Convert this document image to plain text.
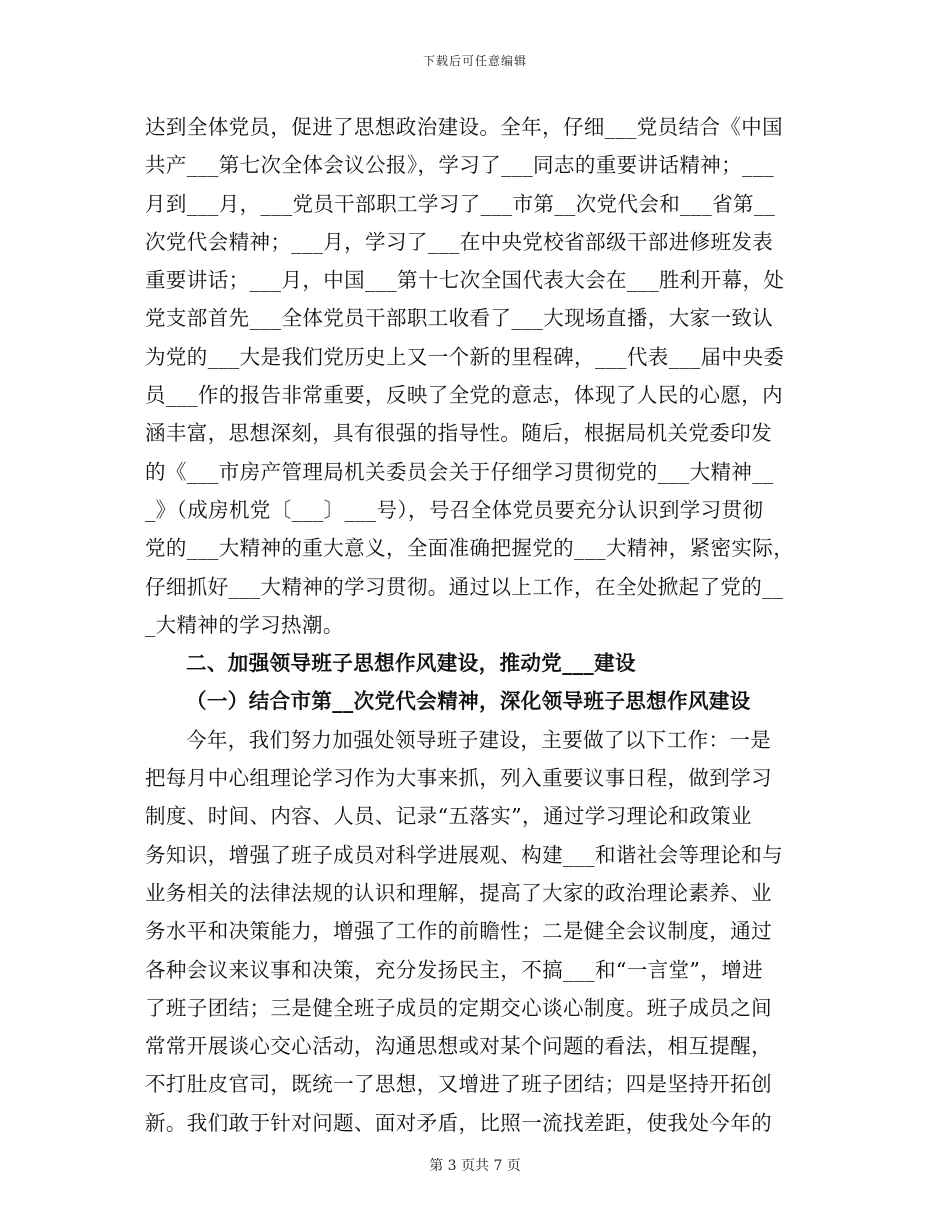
下载后可任意编辑
达到全体党员，促进了思想政治建设。全年，仔细___党员结合《中国
共产___第七次全体会议公报》，学习了___同志的重要讲话精神；___
月到___月，___党员干部职工学习了___市第__次党代会和___省第__
次党代会精神；___月，学习了___在中央党校省部级干部进修班发表
重要讲话；___月，中国___第十七次全国代表大会在___胜利开幕，处
党支部首先___全体党员干部职工收看了___大现场直播，大家一致认
为党的___大是我们党历史上又一个新的里程碑，___代表___届中央委
员___作的报告非常重要，反映了全党的意志，体现了人民的心愿，内
涵丰富，思想深刻，具有很强的指导性。随后，根据局机关党委印发
的《___市房产管理局机关委员会关于仔细学习贯彻党的___大精神__
_》（成房机党〔___〕___号），号召全体党员要充分认识到学习贯彻
党的___大精神的重大意义，全面准确把握党的___大精神，紧密实际，
仔细抓好___大精神的学习贯彻。通过以上工作，在全处掀起了党的__
_大精神的学习热潮。
二、加强领导班子思想作风建设，推动党___建设
（一）结合市第__次党代会精神，深化领导班子思想作风建设
今年，我们努力加强处领导班子建设，主要做了以下工作：一是
把每月中心组理论学习作为大事来抓，列入重要议事日程，做到学习
制度、时间、内容、人员、记录“五落实”，通过学习理论和政策业
务知识，增强了班子成员对科学进展观、构建___和谐社会等理论和与
业务相关的法律法规的认识和理解，提高了大家的政治理论素养、业
务水平和决策能力，增强了工作的前瞻性；二是健全会议制度，通过
各种会议来议事和决策，充分发扬民主，不搞___和“一言堂”，增进
了班子团结；三是健全班子成员的定期交心谈心制度。班子成员之间
常常开展谈心交心活动，沟通思想或对某个问题的看法，相互提醒，
不打肚皮官司，既统一了思想，又增进了班子团结；四是坚持开拓创
新。我们敢于针对问题、面对矛盾，比照一流找差距，使我处今年的
第 3 页共 7 页
